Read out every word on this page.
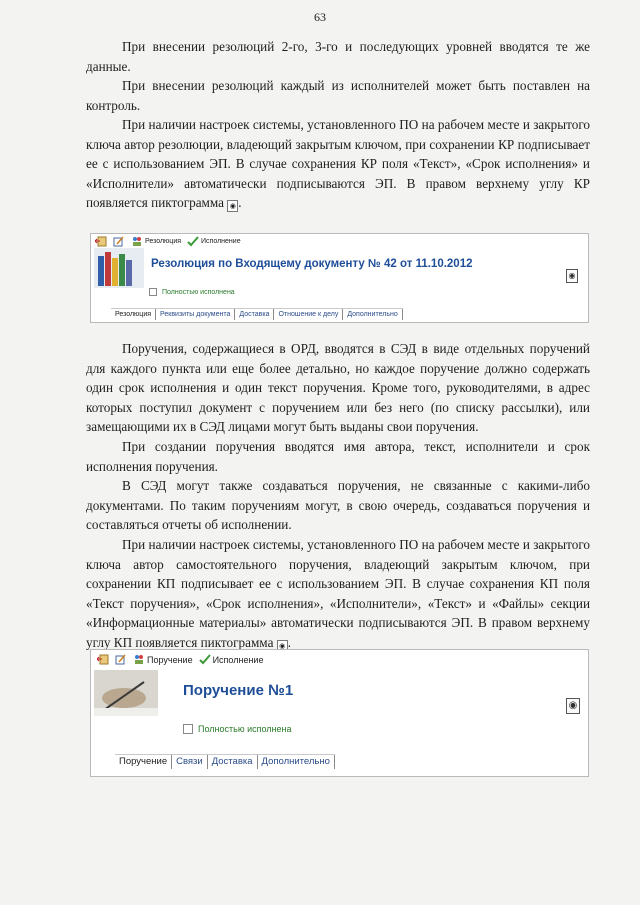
63

При внесении резолюций 2-го, 3-го и последующих уровней вводятся те же данные.

При внесении резолюций каждый из исполнителей может быть поставлен на контроль.

При наличии настроек системы, установленного ПО на рабочем месте и закрытого ключа автор резолюции, владеющий закрытым ключом, при сохранении КР подписывает ее с использованием ЭП. В случае сохранения КР поля «Текст», «Срок исполнения» и «Исполнители» автоматически подписываются ЭП. В правом верхнему углу КР появляется пиктограмма ◉ .

Резолюция	Исполнение
Резолюция по Входящему документу № 42 от 11.10.2012
◉
Полностью исполнена
Резолюция	Реквизиты документа	Доставка	Отношение к делу	Дополнительно

Поручения, содержащиеся в ОРД, вводятся в СЭД в виде отдельных поручений для каждого пункта или еще более детально, но каждое поручение должно содержать один срок исполнения и один текст поручения. Кроме того, руководителями, в адрес которых поступил документ с поручением или без него (по списку рассылки), или замещающими их в СЭД лицами могут быть выданы свои поручения.

При создании поручения вводятся имя автора, текст, исполнители и срок исполнения поручения.

В СЭД могут также создаваться поручения, не связанные с какими-либо документами. По таким поручениям могут, в свою очередь, создаваться поручения и составляться отчеты об исполнении.

При наличии настроек системы, установленного ПО на рабочем месте и закрытого ключа автор самостоятельного поручения, владеющий закрытым ключом, при сохранении КП подписывает ее с использованием ЭП. В случае сохранения КП поля «Текст поручения», «Срок исполнения», «Исполнители», «Текст» и «Файлы» секции «Информационные материалы» автоматически подписываются ЭП. В правом верхнему углу КП появляется пиктограмма ◉ .

Поручение Исполнение
Поручение №1
◉
Полностью исполнена
Поручение Связи Доставка Дополнительно
